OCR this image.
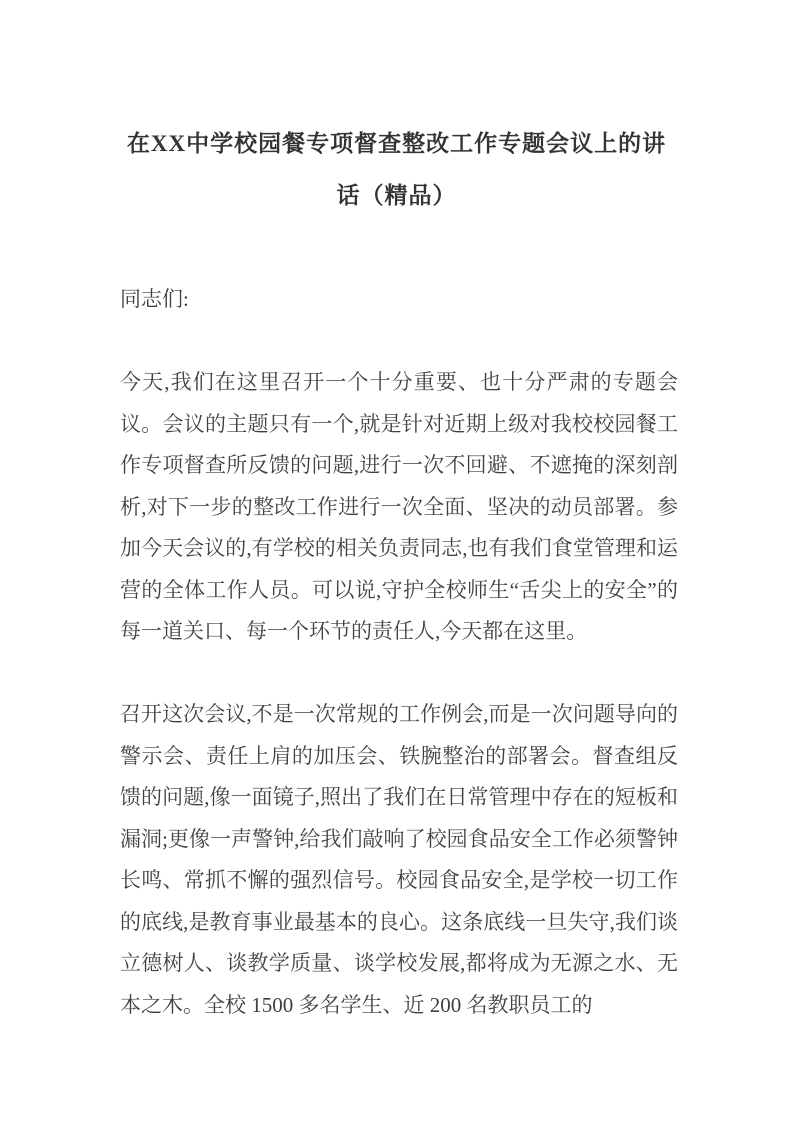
在XX中学校园餐专项督查整改工作专题会议上的讲
话（精品）

同志们:

今天,我们在这里召开一个十分重要、也十分严肃的专题会议。会议的主题只有一个,就是针对近期上级对我校校园餐工作专项督查所反馈的问题,进行一次不回避、不遮掩的深刻剖析,对下一步的整改工作进行一次全面、坚决的动员部署。参加今天会议的,有学校的相关负责同志,也有我们食堂管理和运营的全体工作人员。可以说,守护全校师生“舌尖上的安全”的每一道关口、每一个环节的责任人,今天都在这里。

召开这次会议,不是一次常规的工作例会,而是一次问题导向的警示会、责任上肩的加压会、铁腕整治的部署会。督查组反馈的问题,像一面镜子,照出了我们在日常管理中存在的短板和漏洞;更像一声警钟,给我们敲响了校园食品安全工作必须警钟长鸣、常抓不懈的强烈信号。校园食品安全,是学校一切工作的底线,是教育事业最基本的良心。这条底线一旦失守,我们谈立德树人、谈教学质量、谈学校发展,都将成为无源之水、无本之木。全校 1500 多名学生、近 200 名教职员工的
